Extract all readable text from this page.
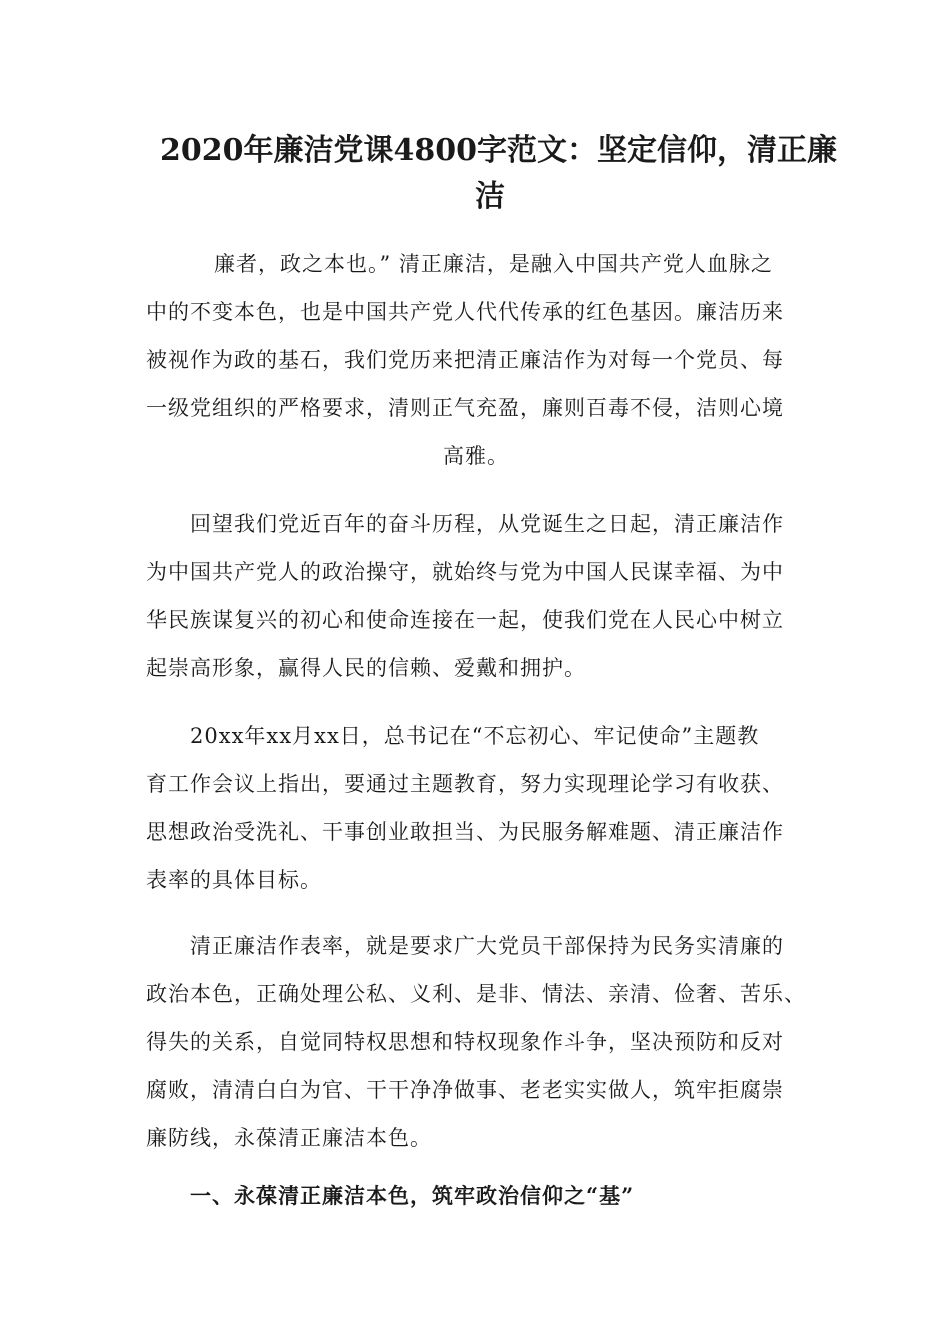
2020年廉洁党课4800字范文：坚定信仰，清正廉
洁
廉者，政之本也。” 清正廉洁，是融入中国共产党人血脉之
中的不变本色，也是中国共产党人代代传承的红色基因。廉洁历来
被视作为政的基石，我们党历来把清正廉洁作为对每一个党员、每
一级党组织的严格要求，清则正气充盈，廉则百毒不侵，洁则心境
高雅。
回望我们党近百年的奋斗历程，从党诞生之日起，清正廉洁作
为中国共产党人的政治操守，就始终与党为中国人民谋幸福、为中
华民族谋复兴的初心和使命连接在一起，使我们党在人民心中树立
起崇高形象，赢得人民的信赖、爱戴和拥护。
20xx年xx月xx日，总书记在“不忘初心、牢记使命”主题教
育工作会议上指出，要通过主题教育，努力实现理论学习有收获、
思想政治受洗礼、干事创业敢担当、为民服务解难题、清正廉洁作
表率的具体目标。
清正廉洁作表率，就是要求广大党员干部保持为民务实清廉的
政治本色，正确处理公私、义利、是非、情法、亲清、俭奢、苦乐、
得失的关系，自觉同特权思想和特权现象作斗争，坚决预防和反对
腐败，清清白白为官、干干净净做事、老老实实做人，筑牢拒腐崇
廉防线，永葆清正廉洁本色。
一、永葆清正廉洁本色，筑牢政治信仰之“基”
